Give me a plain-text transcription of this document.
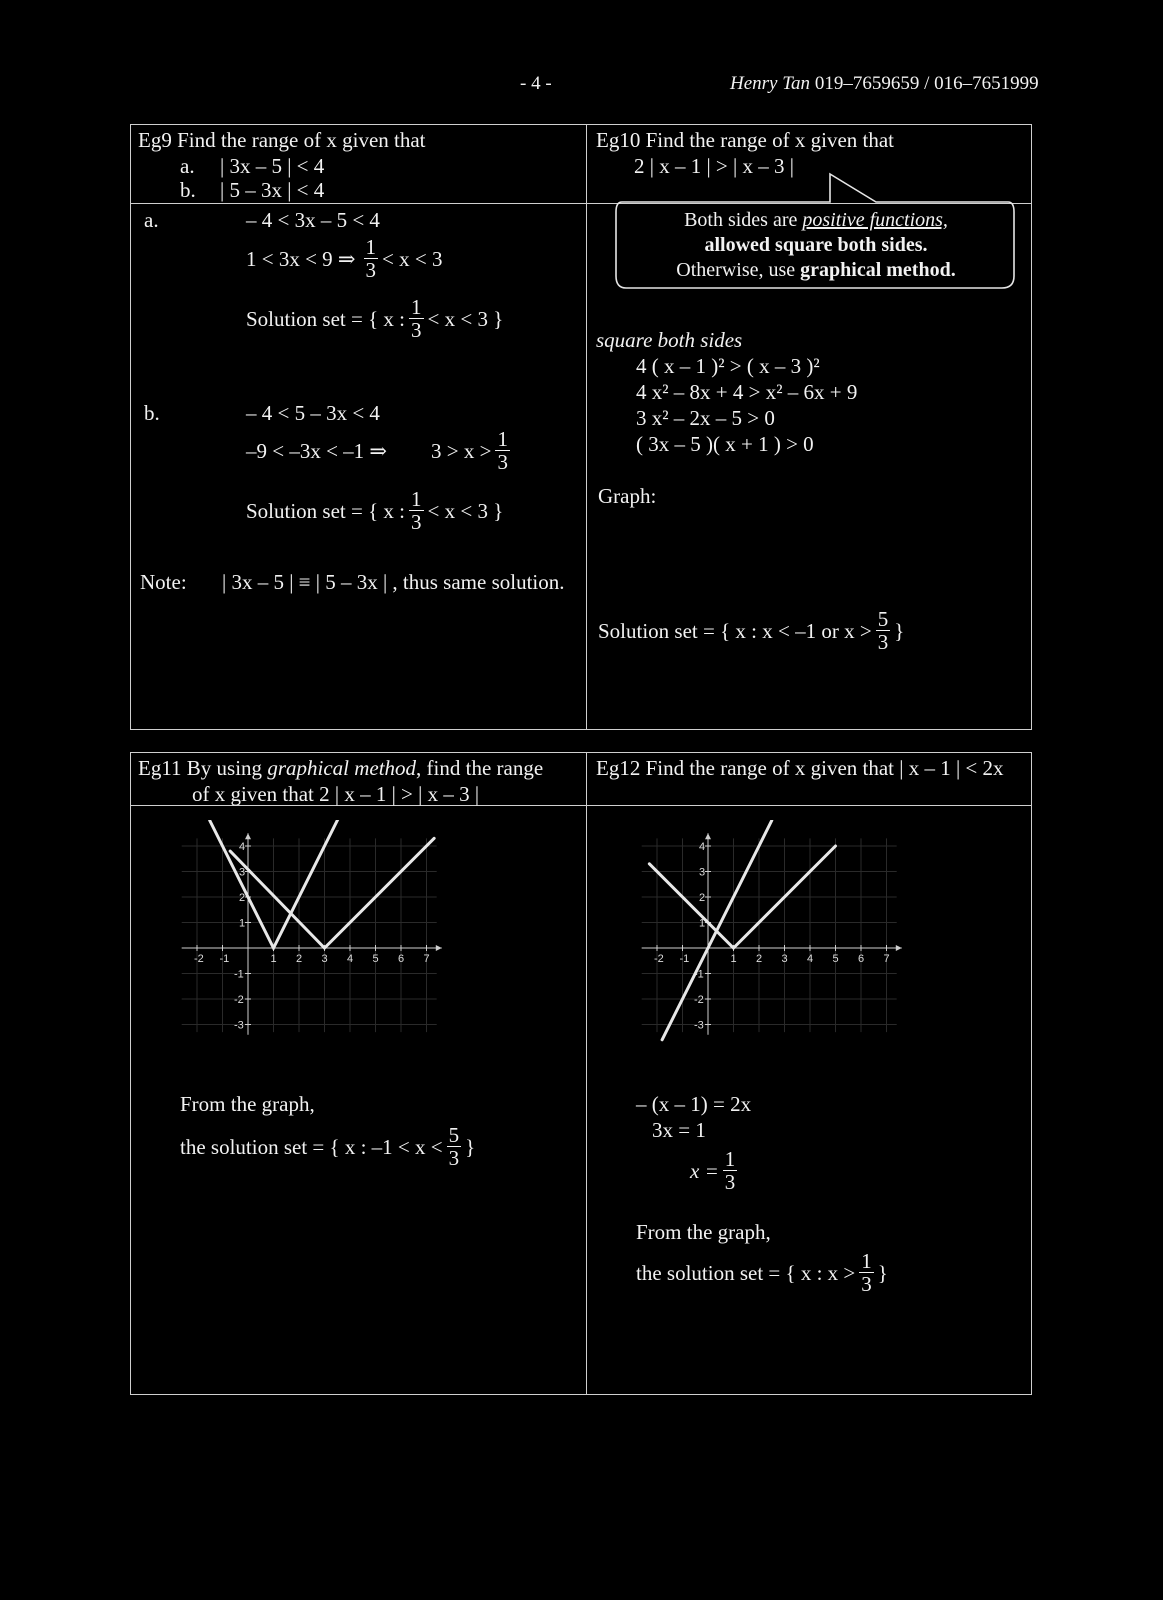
- 4 -	Henry Tan 019–7659659 / 016–7651999
Eg9 Find the range of x given that
a. | 3x – 5 | < 4
b. | 5 – 3x | < 4
a.	– 4 < 3x – 5 < 4
1 < 3x < 9 ⇒ $\frac{1}{3} < x < 3$
Solution set = { x : $\frac{1}{3} < x < 3$ }
b.	– 4 < 5 – 3x < 4
–9 < –3x < –1 ⇒ $3 > x > \frac{1}{3}$
Solution set = { x : $\frac{1}{3} < x < 3$ }
Note: | 3x – 5 | ≡ | 5 – 3x | , thus same solution.
Eg10 Find the range of x given that
2 | x – 1 | > | x – 3 |
Both sides are positive functions,
allowed square both sides.
Otherwise, use graphical method.
square both sides
4 ( x – 1 )² > ( x – 3 )²
4 x² – 8x + 4 > x² – 6x + 9
3 x² – 2x – 5 > 0
( 3x – 5 )( x + 1 ) > 0
Graph:
Solution set = { x : x < –1 or $x > \frac{5}{3}$ }
Eg11 By using graphical method, find the range
of x given that 2 | x – 1 | > | x – 3 |
-2 -1	1 2 3 4 5 6 7
4
3
2
1
-1
-2
-3
From the graph,
the solution set = { x : $-1 < x < \frac{5}{3}$ }
Eg12 Find the range of x given that | x – 1 | < 2x
-2 -1	1 2 3 4 5 6 7
4
3
2
1
-1
-2
-3
– (x – 1) = 2x
3x = 1
$x = \frac{1}{3}$
From the graph,
the solution set = { x : $x > \frac{1}{3}$ }
